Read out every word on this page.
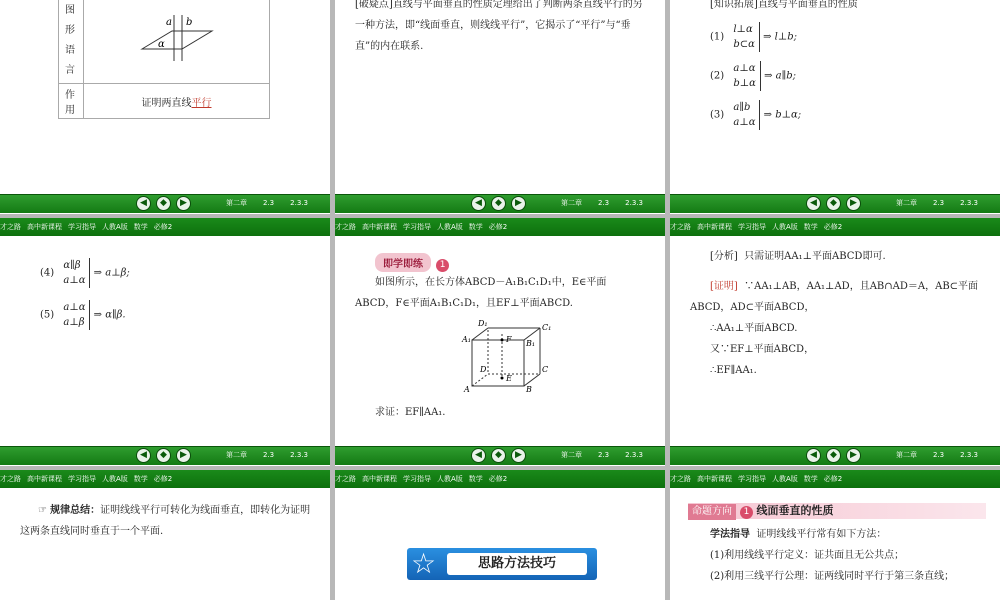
图形语言	a b
α

作用	证明两直线平行
◀	◆	▶	第二章 2.3 2.3.3
[破疑点]直线与平面垂直的性质定理给出了判断两条直线平行的另一种方法，即“线面垂直，则线线平行”，它揭示了“平行”与“垂直”的内在联系.
◀	◆	▶	第二章 2.3 2.3.3
[知识拓展]直线与平面垂直的性质
(1) l⊥α
b⊂α ⇒ l⊥b;
(2) a⊥α
b⊥α ⇒ a∥b;
(3) a∥b
a⊥α ⇒ b⊥α;
◀	◆	▶	第二章 2.3 2.3.3
才之路 高中新课程 学习指导 人教A版 数学 必修2
(4) α∥β
a⊥α ⇒ a⊥β;
(5) a⊥α
a⊥β ⇒ α∥β.
◀	◆	▶	第二章 2.3 2.3.3
才之路 高中新课程 学习指导 人教A版 数学 必修2
即学即练 1
如图所示，在长方体ABCD－A₁B₁C₁D₁中，E∈平面ABCD，F∈平面A₁B₁C₁D₁，且EF⊥平面ABCD.
D₁	C₁
A₁	B₁
D	C
A	B
F
E
求证：EF∥AA₁.
◀	◆	▶	第二章 2.3 2.3.3
才之路 高中新课程 学习指导 人教A版 数学 必修2
[分析] 只需证明AA₁⊥平面ABCD即可.
[证明] ∵AA₁⊥AB，AA₁⊥AD，且AB∩AD＝A，AB⊂平面ABCD，AD⊂平面ABCD，
∴AA₁⊥平面ABCD.
又∵EF⊥平面ABCD，
∴EF∥AA₁.
◀	◆	▶	第二章 2.3 2.3.3
才之路 高中新课程 学习指导 人教A版 数学 必修2
☞ 规律总结：证明线线平行可转化为线面垂直，即转化为证明这两条直线同时垂直于一个平面.
才之路 高中新课程 学习指导 人教A版 数学 必修2
☆	思路方法技巧
才之路 高中新课程 学习指导 人教A版 数学 必修2
命题方向 1 线面垂直的性质
学法指导 证明线线平行常有如下方法：
(1)利用线线平行定义：证共面且无公共点；
(2)利用三线平行公理：证两线同时平行于第三条直线；
